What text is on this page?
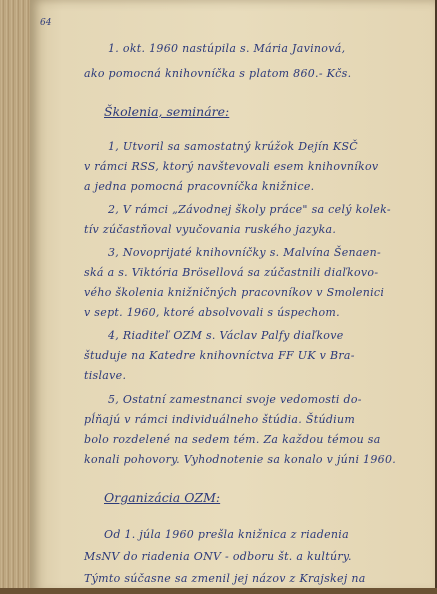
64
1. okt. 1960 nastúpila s. Mária Javinová,
ako pomocná knihovníčka s platom 860.- Kčs.
Školenia, semináre:
1, Utvoril sa samostatný krúžok Dejín KSČ
v rámci RSS, ktorý navštevovali esem knihovníkov
a jedna pomocná pracovníčka knižnice.
2, V rámci „Závodnej školy práce" sa celý kolek-
tív zúčastňoval vyučovania ruského jazyka.
3, Novoprijaté knihovníčky s. Malvína Šenaen-
ská a s. Viktória Brösellová sa zúčastnili diaľkovo-
vého školenia knižničných pracovníkov v Smolenici
v sept. 1960, ktoré absolvovali s úspechom.
4, Riaditeľ OZM s. Václav Palfy diaľkove
študuje na Katedre knihovníctva FF UK v Bra-
tislave.
5, Ostatní zamestnanci svoje vedomosti do-
pĺňajú v rámci individuálneho štúdia. Štúdium
bolo rozdelené na sedem tém. Za každou témou sa
konali pohovory. Vyhodnotenie sa konalo v júni 1960.
Organizácia OZM:
Od 1. júla 1960 prešla knižnica z riadenia
MsNV do riadenia ONV - odboru št. a kultúry.
Týmto súčasne sa zmenil jej názov z Krajskej na
